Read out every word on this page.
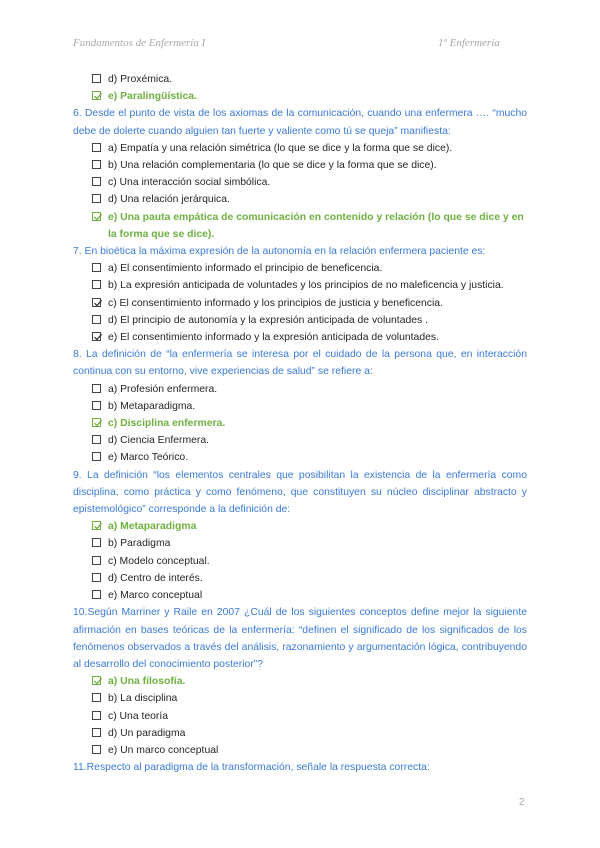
Fundamentos de Enfermería I	1º Enfermería
d) Proxémica.
e) Paralingüística.

6. Desde el punto de vista de los axiomas de la comunicación, cuando una enfermera …. “mucho debe de dolerte cuando alguien tan fuerte y valiente como tú se queja” manifiesta:

a) Empatía y una relación simétrica (lo que se dice y la forma que se dice).
b) Una relación complementaria (lo que se dice y la forma que se dice).
c) Una interacción social simbólica.
d) Una relación jerárquica.
e) Una pauta empática de comunicación en contenido y relación (lo que se dice y en la forma que se dice).

7. En bioética la máxima expresión de la autonomía en la relación enfermera paciente es:

a) El consentimiento informado el principio de beneficencia.
b) La expresión anticipada de voluntades y los principios de no maleficencia y justicia.
c) El consentimiento informado y los principios de justicia y beneficencia.
d) El principio de autonomía y la expresión anticipada de voluntades .
e) El consentimiento informado y la expresión anticipada de voluntades.

8. La definición de “la enfermería se interesa por el cuidado de la persona que, en interacción continua con su entorno, vive experiencias de salud” se refiere a:

a) Profesión enfermera.
b) Metaparadigma.
c) Disciplina enfermera.
d) Ciencia Enfermera.
e) Marco Teórico.

9. La definición “los elementos centrales que posibilitan la existencia de la enfermería como disciplina, como práctica y como fenómeno, que constituyen su núcleo disciplinar abstracto y epistemológico” corresponde a la definición de:

a) Metaparadigma
b) Paradigma
c) Modelo conceptual.
d) Centro de interés.
e) Marco conceptual

10.Según Marriner y Raile en 2007 ¿Cuál de los siguientes conceptos define mejor la siguiente afirmación en bases teóricas de la enfermería: “definen el significado de los significados de los fenómenos observados a través del análisis, razonamiento y argumentación lógica, contribuyendo al desarrollo del conocimiento posterior”?

a) Una filosofía.
b) La disciplina
c) Una teoría
d) Un paradigma
e) Un marco conceptual

11.Respecto al paradigma de la transformación, señale la respuesta correcta:

2
